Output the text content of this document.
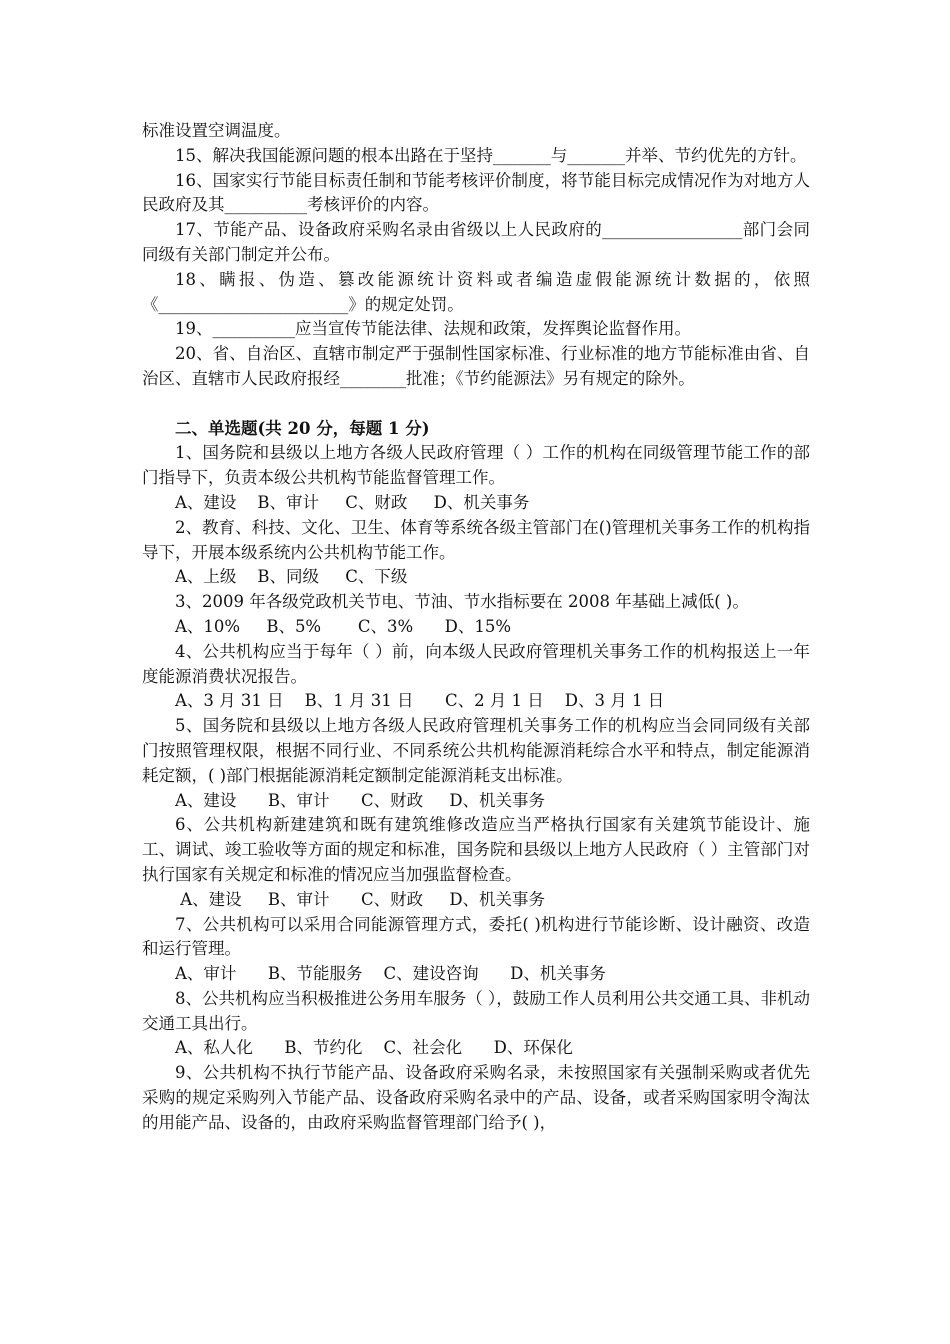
标准设置空调温度。

15、解决我国能源问题的根本出路在于坚持_______与_______并举、节约优先的方针。

16、国家实行节能目标责任制和节能考核评价制度，将节能目标完成情况作为对地方人民政府及其__________考核评价的内容。

17、节能产品、设备政府采购名录由省级以上人民政府的_________________部门会同同级有关部门制定并公布。

18、瞒报、伪造、篡改能源统计资料或者编造虚假能源统计数据的，依照《_______________________》的规定处罚。

19、__________应当宣传节能法律、法规和政策，发挥舆论监督作用。

20、省、自治区、直辖市制定严于强制性国家标准、行业标准的地方节能标准由省、自治区、直辖市人民政府报经________批准；《节约能源法》另有规定的除外。

二、单选题(共 20 分，每题 1 分)

1、国务院和县级以上地方各级人民政府管理（ ）工作的机构在同级管理节能工作的部门指导下，负责本级公共机构节能监督管理工作。

A、建设    B、审计     C、财政     D、机关事务

2、教育、科技、文化、卫生、体育等系统各级主管部门在()管理机关事务工作的机构指导下，开展本级系统内公共机构节能工作。

A、上级    B、同级     C、下级

3、2009 年各级党政机关节电、节油、节水指标要在 2008 年基础上减低( )。

A、10%     B、5%       C、3%      D、15%

4、公共机构应当于每年（ ）前，向本级人民政府管理机关事务工作的机构报送上一年度能源消费状况报告。

A、3 月 31 日    B、1 月 31 日      C、2 月 1 日    D、3 月 1 日

5、国务院和县级以上地方各级人民政府管理机关事务工作的机构应当会同同级有关部门按照管理权限，根据不同行业、不同系统公共机构能源消耗综合水平和特点，制定能源消耗定额，( )部门根据能源消耗定额制定能源消耗支出标准。

A、建设      B、审计      C、财政     D、机关事务

6、公共机构新建建筑和既有建筑维修改造应当严格执行国家有关建筑节能设计、施工、调试、竣工验收等方面的规定和标准，国务院和县级以上地方人民政府（ ）主管部门对执行国家有关规定和标准的情况应当加强监督检查。

A、建设     B、审计      C、财政     D、机关事务

7、公共机构可以采用合同能源管理方式，委托( )机构进行节能诊断、设计融资、改造和运行管理。

A、审计      B、节能服务    C、建设咨询      D、机关事务

8、公共机构应当积极推进公务用车服务（ ），鼓励工作人员利用公共交通工具、非机动交通工具出行。

A、私人化      B、节约化    C、社会化      D、环保化

9、公共机构不执行节能产品、设备政府采购名录，未按照国家有关强制采购或者优先采购的规定采购列入节能产品、设备政府采购名录中的产品、设备，或者采购国家明令淘汰的用能产品、设备的，由政府采购监督管理部门给予( )，
